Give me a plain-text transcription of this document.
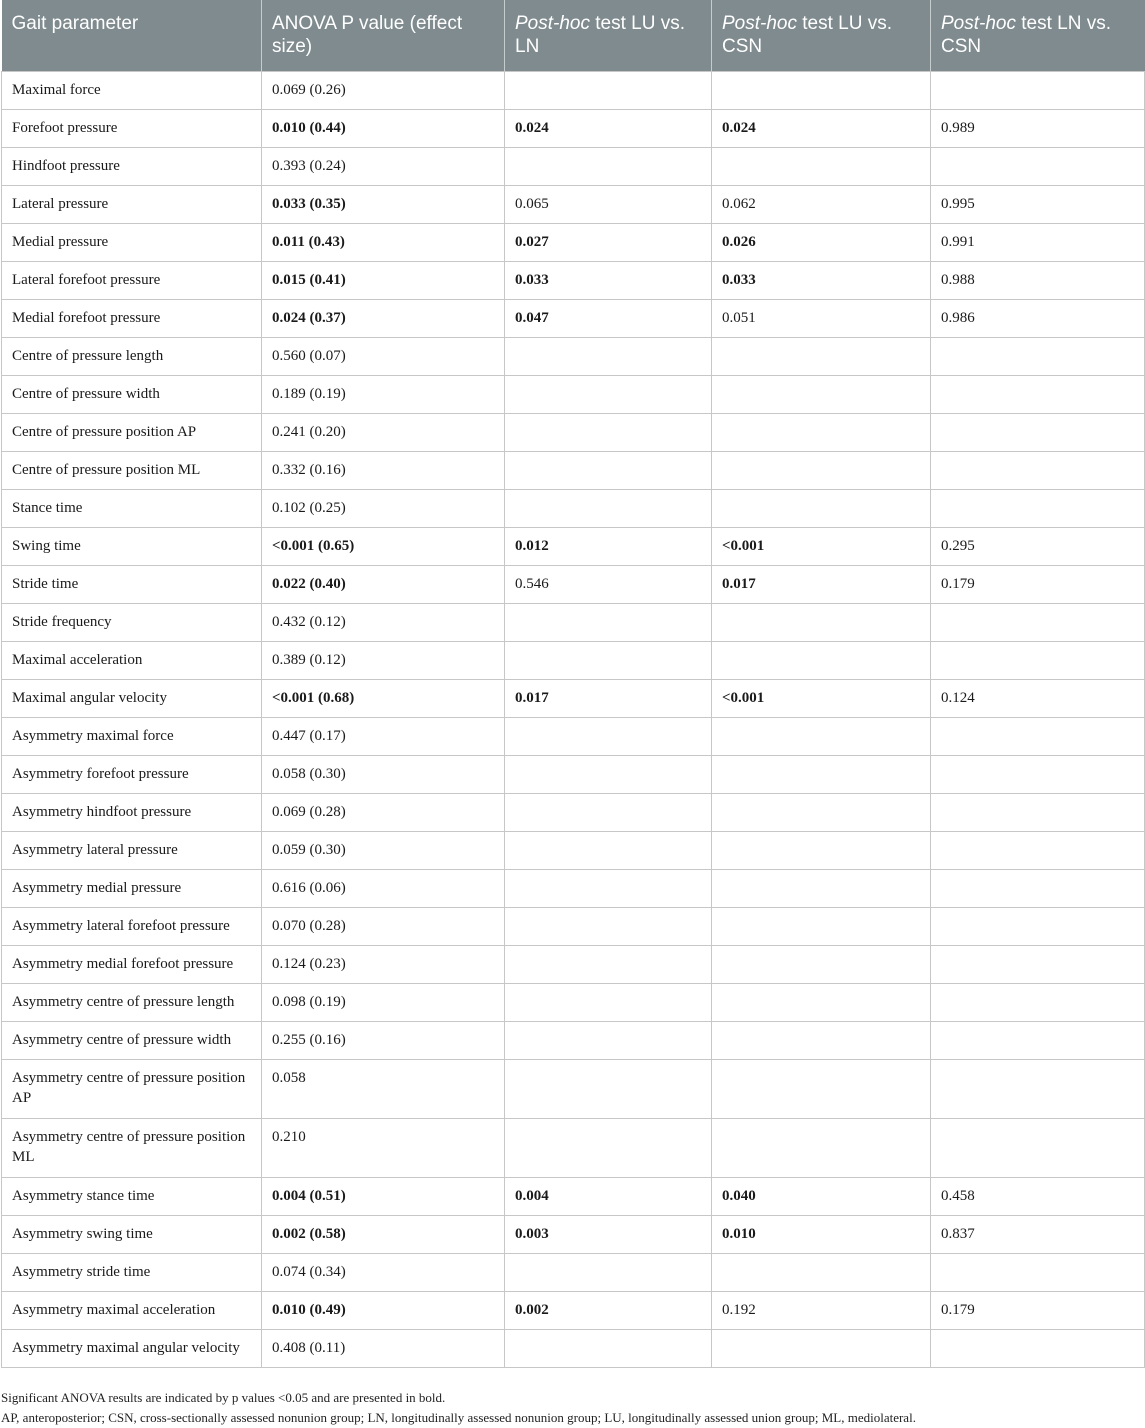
Gait parameter	ANOVA P value (effect size)	Post-hoc test LU vs. LN	Post-hoc test LU vs. CSN	Post-hoc test LN vs. CSN
Maximal force	0.069 (0.26)			
Forefoot pressure	0.010 (0.44)	0.024	0.024	0.989
Hindfoot pressure	0.393 (0.24)			
Lateral pressure	0.033 (0.35)	0.065	0.062	0.995
Medial pressure	0.011 (0.43)	0.027	0.026	0.991
Lateral forefoot pressure	0.015 (0.41)	0.033	0.033	0.988
Medial forefoot pressure	0.024 (0.37)	0.047	0.051	0.986
Centre of pressure length	0.560 (0.07)			
Centre of pressure width	0.189 (0.19)			
Centre of pressure position AP	0.241 (0.20)			
Centre of pressure position ML	0.332 (0.16)			
Stance time	0.102 (0.25)			
Swing time	<0.001 (0.65)	0.012	<0.001	0.295
Stride time	0.022 (0.40)	0.546	0.017	0.179
Stride frequency	0.432 (0.12)			
Maximal acceleration	0.389 (0.12)			
Maximal angular velocity	<0.001 (0.68)	0.017	<0.001	0.124
Asymmetry maximal force	0.447 (0.17)			
Asymmetry forefoot pressure	0.058 (0.30)			
Asymmetry hindfoot pressure	0.069 (0.28)			
Asymmetry lateral pressure	0.059 (0.30)			
Asymmetry medial pressure	0.616 (0.06)			
Asymmetry lateral forefoot pressure	0.070 (0.28)			
Asymmetry medial forefoot pressure	0.124 (0.23)			
Asymmetry centre of pressure length	0.098 (0.19)			
Asymmetry centre of pressure width	0.255 (0.16)			
Asymmetry centre of pressure position AP	0.058			
Asymmetry centre of pressure position ML	0.210			
Asymmetry stance time	0.004 (0.51)	0.004	0.040	0.458
Asymmetry swing time	0.002 (0.58)	0.003	0.010	0.837
Asymmetry stride time	0.074 (0.34)			
Asymmetry maximal acceleration	0.010 (0.49)	0.002	0.192	0.179
Asymmetry maximal angular velocity	0.408 (0.11)			
Significant ANOVA results are indicated by p values <0.05 and are presented in bold.
AP, anteroposterior; CSN, cross-sectionally assessed nonunion group; LN, longitudinally assessed nonunion group; LU, longitudinally assessed union group; ML, mediolateral.
